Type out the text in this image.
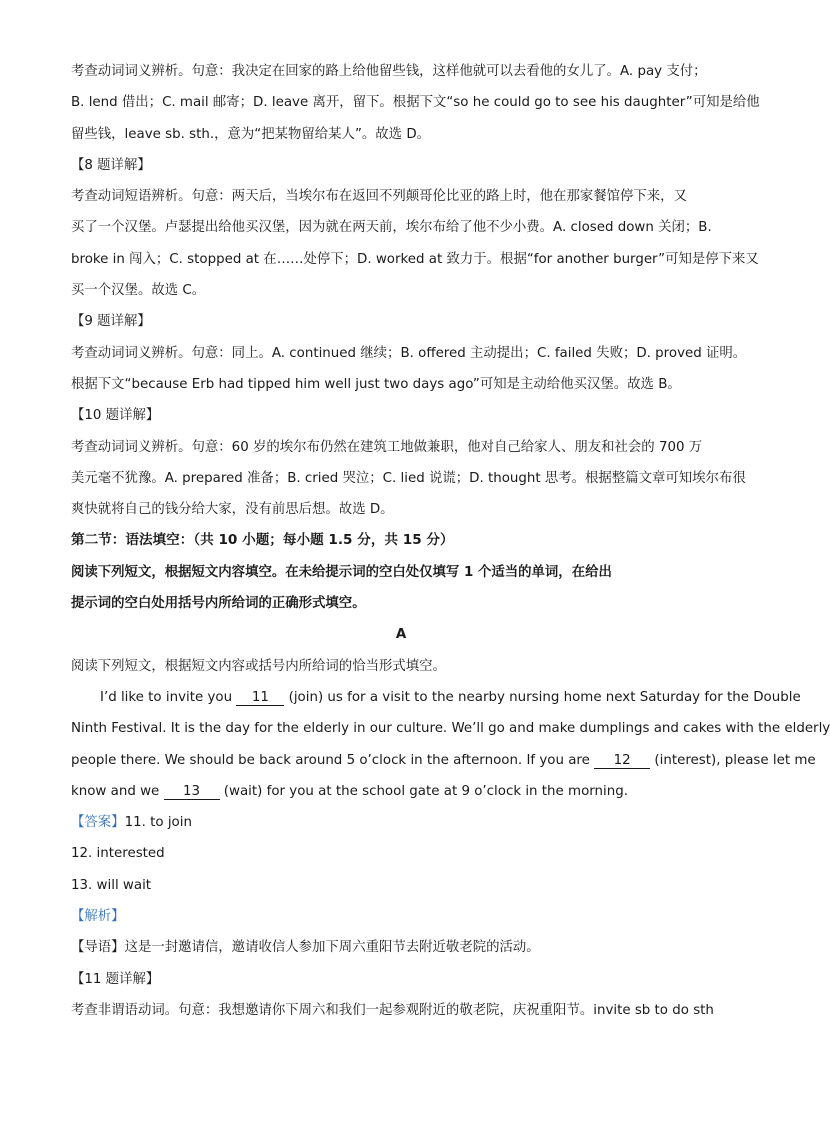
考查动词词义辨析。句意：我决定在回家的路上给他留些钱，这样他就可以去看他的女儿了。A. pay 支付；
B. lend 借出；C. mail 邮寄；D. leave 离开，留下。根据下文“so he could go to see his daughter”可知是给他
留些钱，leave sb. sth.，意为“把某物留给某人”。故选 D。
【8 题详解】
考查动词短语辨析。句意：两天后，当埃尔布在返回不列颠哥伦比亚的路上时，他在那家餐馆停下来，又
买了一个汉堡。卢瑟提出给他买汉堡，因为就在两天前，埃尔布给了他不少小费。A. closed down 关闭；B.
broke in 闯入；C. stopped at 在……处停下；D. worked at 致力于。根据“for another burger”可知是停下来又
买一个汉堡。故选 C。
【9 题详解】
考查动词词义辨析。句意：同上。A. continued 继续；B. offered 主动提出；C. failed 失败；D. proved 证明。
根据下文“because Erb had tipped him well just two days ago”可知是主动给他买汉堡。故选 B。
【10 题详解】
考查动词词义辨析。句意：60 岁的埃尔布仍然在建筑工地做兼职，他对自己给家人、朋友和社会的 700 万
美元毫不犹豫。A. prepared 准备；B. cried 哭泣；C. lied 说谎；D. thought 思考。根据整篇文章可知埃尔布很
爽快就将自己的钱分给大家，没有前思后想。故选 D。
第二节：语法填空：（共 10 小题；每小题 1.5 分，共 15 分）
阅读下列短文，根据短文内容填空。在未给提示词的空白处仅填写 1 个适当的单词，在给出
提示词的空白处用括号内所给词的正确形式填空。
A
阅读下列短文，根据短文内容或括号内所给词的恰当形式填空。
I’d like to invite you 11 (join) us for a visit to the nearby nursing home next Saturday for the Double
Ninth Festival. It is the day for the elderly in our culture. We’ll go and make dumplings and cakes with the elderly
people there. We should be back around 5 o’clock in the afternoon. If you are 12 (interest), please let me
know and we 13 (wait) for you at the school gate at 9 o’clock in the morning.
【答案】11. to join
12. interested
13. will wait
【解析】
【导语】这是一封邀请信，邀请收信人参加下周六重阳节去附近敬老院的活动。
【11 题详解】
考查非谓语动词。句意：我想邀请你下周六和我们一起参观附近的敬老院，庆祝重阳节。invite sb to do sth
